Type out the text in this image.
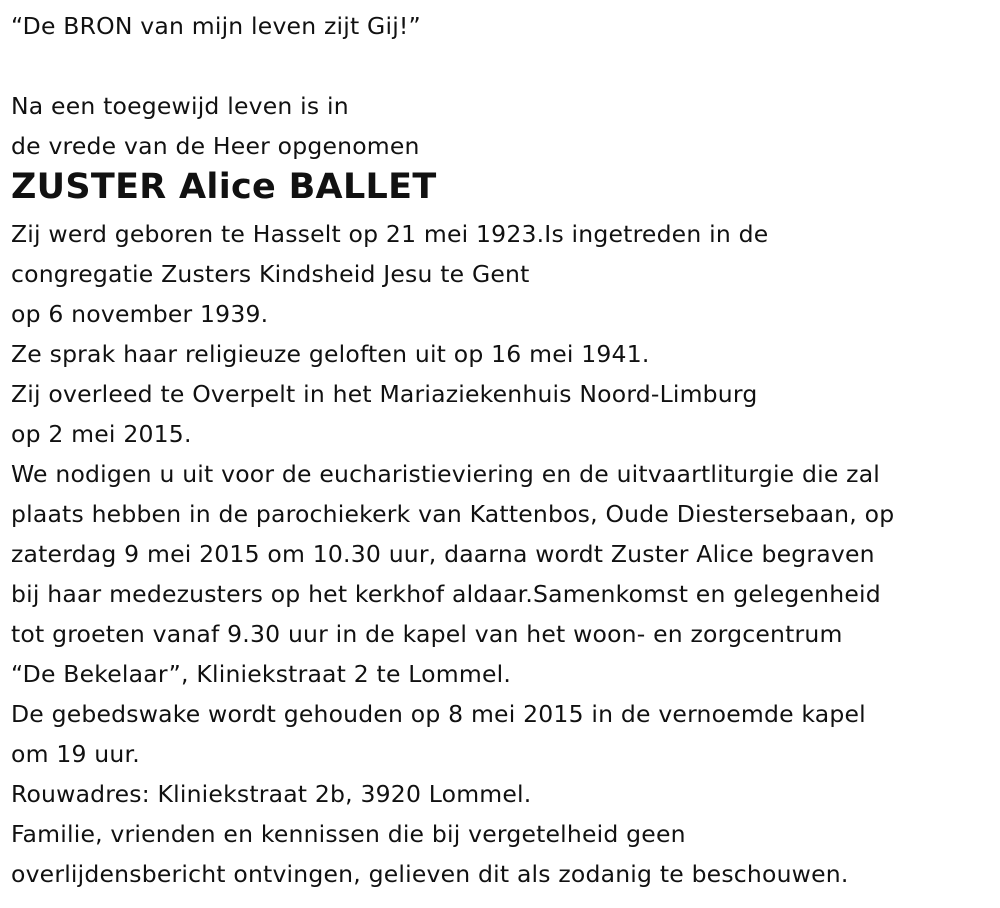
“De BRON van mijn leven zijt Gij!”
Na een toegewijd leven is in
de vrede van de Heer opgenomen
ZUSTER Alice BALLET
Zij werd geboren te Hasselt op 21 mei 1923.Is ingetreden in de
congregatie Zusters Kindsheid Jesu te Gent
op 6 november 1939.
Ze sprak haar religieuze geloften uit op 16 mei 1941.
Zij overleed te Overpelt in het Mariaziekenhuis Noord-Limburg
op 2 mei 2015.
We nodigen u uit voor de eucharistieviering en de uitvaartliturgie die zal
plaats hebben in de parochiekerk van Kattenbos, Oude Diestersebaan, op
zaterdag 9 mei 2015 om 10.30 uur, daarna wordt Zuster Alice begraven
bij haar medezusters op het kerkhof aldaar.Samenkomst en gelegenheid
tot groeten vanaf 9.30 uur in de kapel van het woon- en zorgcentrum
“De Bekelaar”, Kliniekstraat 2 te Lommel.
De gebedswake wordt gehouden op 8 mei 2015 in de vernoemde kapel
om 19 uur.
Rouwadres: Kliniekstraat 2b, 3920 Lommel.
Familie, vrienden en kennissen die bij vergetelheid geen
overlijdensbericht ontvingen, gelieven dit als zodanig te beschouwen.
